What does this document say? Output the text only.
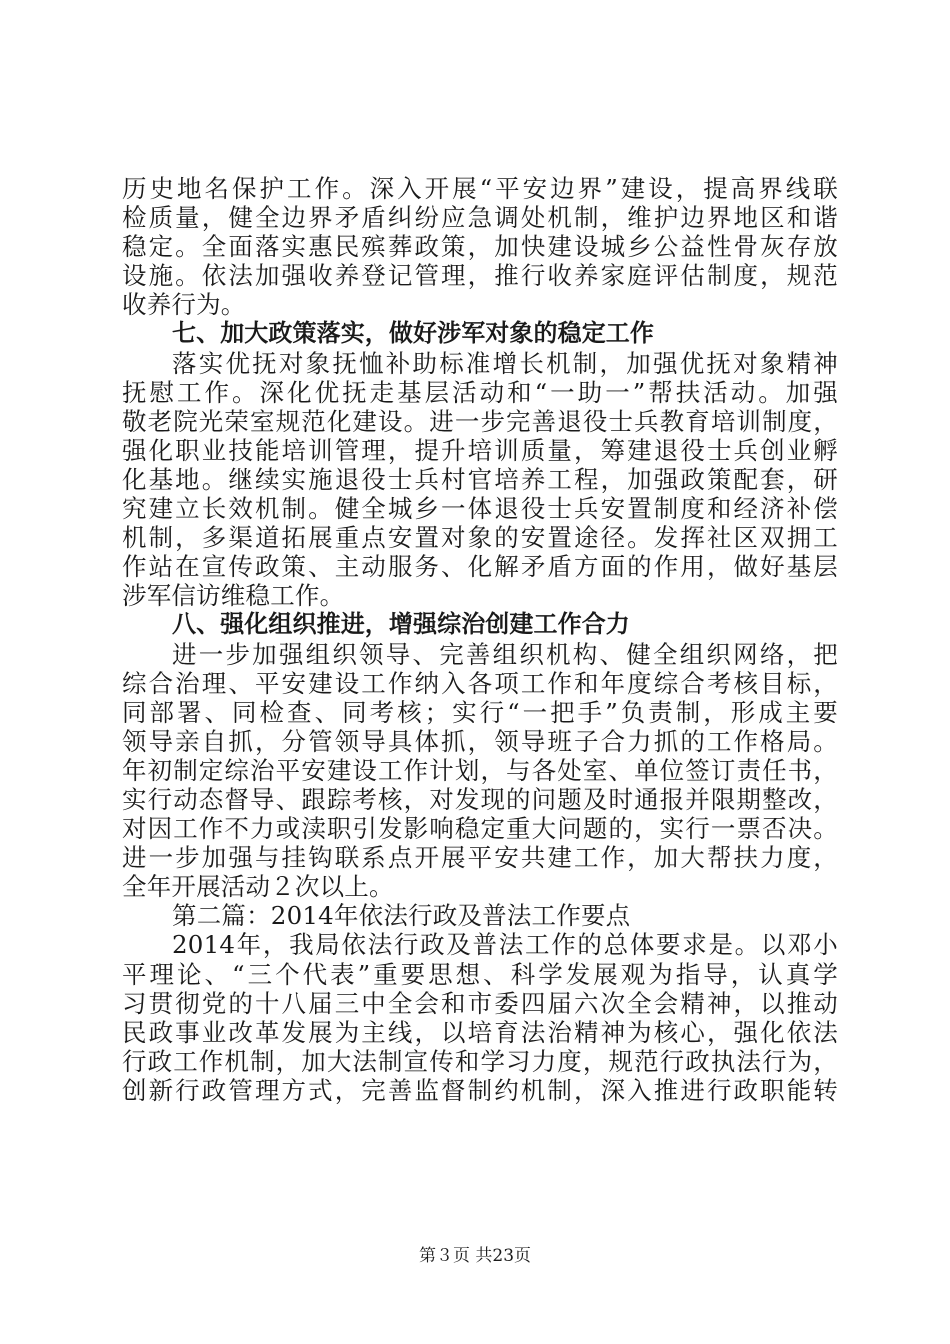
历史地名保护工作。深入开展“平安边界”建设，提高界线联
检质量，健全边界矛盾纠纷应急调处机制，维护边界地区和谐
稳定。全面落实惠民殡葬政策，加快建设城乡公益性骨灰存放
设施。依法加强收养登记管理，推行收养家庭评估制度，规范
收养行为。
七、加大政策落实，做好涉军对象的稳定工作
落实优抚对象抚恤补助标准增长机制，加强优抚对象精神
抚慰工作。深化优抚走基层活动和“一助一”帮扶活动。加强
敬老院光荣室规范化建设。进一步完善退役士兵教育培训制度，
强化职业技能培训管理，提升培训质量，筹建退役士兵创业孵
化基地。继续实施退役士兵村官培养工程，加强政策配套，研
究建立长效机制。健全城乡一体退役士兵安置制度和经济补偿
机制，多渠道拓展重点安置对象的安置途径。发挥社区双拥工
作站在宣传政策、主动服务、化解矛盾方面的作用，做好基层
涉军信访维稳工作。
八、强化组织推进，增强综治创建工作合力
进一步加强组织领导、完善组织机构、健全组织网络，把
综合治理、平安建设工作纳入各项工作和年度综合考核目标，
同部署、同检查、同考核；实行“一把手”负责制，形成主要
领导亲自抓，分管领导具体抓，领导班子合力抓的工作格局。
年初制定综治平安建设工作计划，与各处室、单位签订责任书，
实行动态督导、跟踪考核，对发现的问题及时通报并限期整改，
对因工作不力或渎职引发影响稳定重大问题的，实行一票否决。
进一步加强与挂钩联系点开展平安共建工作，加大帮扶力度，
全年开展活动２次以上。
第二篇：2014年依法行政及普法工作要点
2014年，我局依法行政及普法工作的总体要求是。以邓小
平理论、“三个代表”重要思想、科学发展观为指导，认真学
习贯彻党的十八届三中全会和市委四届六次全会精神，以推动
民政事业改革发展为主线，以培育法治精神为核心，强化依法
行政工作机制，加大法制宣传和学习力度，规范行政执法行为，
创新行政管理方式，完善监督制约机制，深入推进行政职能转
第３页 共23页
